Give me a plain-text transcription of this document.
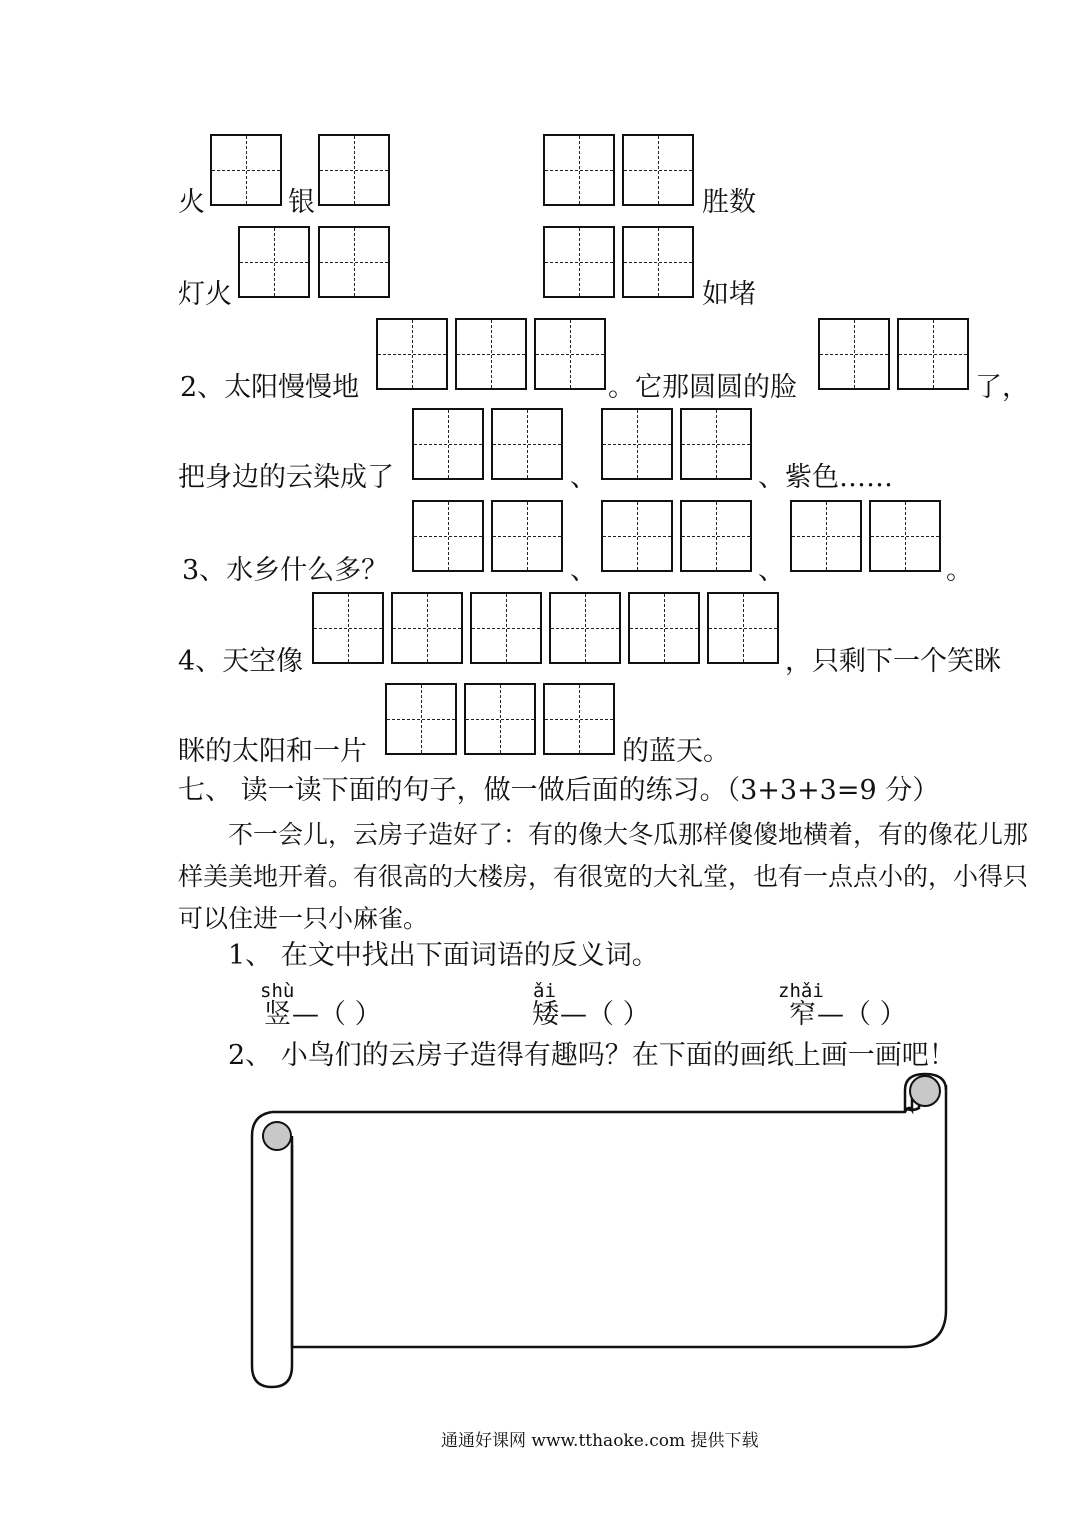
火	银	胜数
灯火	如堵
2、太阳慢慢地	。它那圆圆的脸	了，
把身边的云染成了	、	、紫色……
3、水乡什么多？	、	、	。
4、天空像	，只剩下一个笑眯
眯的太阳和一片	的蓝天。
七、 读一读下面的句子，做一做后面的练习。（3+3+3=9 分）
不一会儿，云房子造好了：有的像大冬瓜那样傻傻地横着，有的像花儿那
样美美地开着。有很高的大楼房，有很宽的大礼堂，也有一点点小的，小得只
可以住进一只小麻雀。
1、 在文中找出下面词语的反义词。
shù
竖 —（ ）
ǎi
矮 —（ ）
zhǎi
窄 —（ ）
2、 小鸟们的云房子造得有趣吗？在下面的画纸上画一画吧！
通通好课网 www.tthaoke.com 提供下载
